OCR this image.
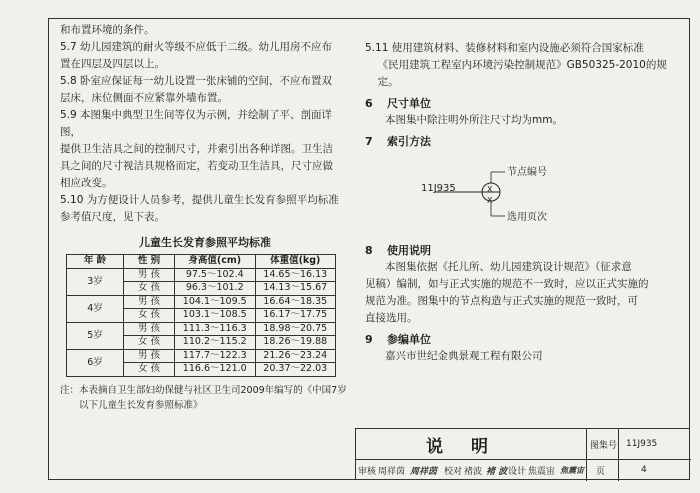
和布置环境的条件。

5.7 幼儿园建筑的耐火等级不应低于二级。幼儿用房不应布
置在四层及四层以上。

5.8 卧室应保证每一幼儿设置一张床铺的空间，不应布置双
层床，床位侧面不应紧靠外墙布置。

5.9 本图集中典型卫生间等仅为示例，并绘制了平、剖面详图，
提供卫生洁具之间的控制尺寸，并索引出各种详图。卫生洁
具之间的尺寸视洁具规格而定，若变动卫生洁具，尺寸应做
相应改变。

5.10 为方便设计人员参考，提供儿童生长发育参照平均标准
参考值尺度，见下表。

儿童生长发育参照平均标准
年 龄	性 别	身高值(cm)	体重值(kg)
3岁	男 孩	97.5～102.4	14.65～16.13
	女 孩	96.3～101.2	14.13～15.67
4岁	男 孩	104.1～109.5	16.64～18.35
	女 孩	103.1～108.5	16.17～17.75
5岁	男 孩	111.3～116.3	18.98～20.75
	女 孩	110.2～115.2	18.26～19.88
6岁	男 孩	117.7～122.3	21.26～23.24
	女 孩	116.6～121.0	20.37～22.03

注：本表摘自卫生部妇幼保健与社区卫生司2009年编写的《中国7岁
以下儿童生长发育参照标准》

5.11 使用建筑材料、装修材料和室内设施必须符合国家标准
《民用建筑工程室内环境污染控制规范》GB50325-2010的规
定。

6 尺寸单位

本图集中除注明外所注尺寸均为mm。

7 索引方法
节点编号
11J935	X
X
选用页次
8 使用说明

本图集依据《托儿所、幼儿园建筑设计规范》（征求意
见稿）编制，如与正式实施的规范不一致时，应以正式实施的
规范为准。图集中的节点构造与正式实施的规范一致时，可
直接选用。

9 参编单位

嘉兴市世纪金典景观工程有限公司

说明	图集号 11J935
审核 周祥茵 周祥茵 校对 褚波 褚 波 设计 焦震宙 焦震宙 页	4
